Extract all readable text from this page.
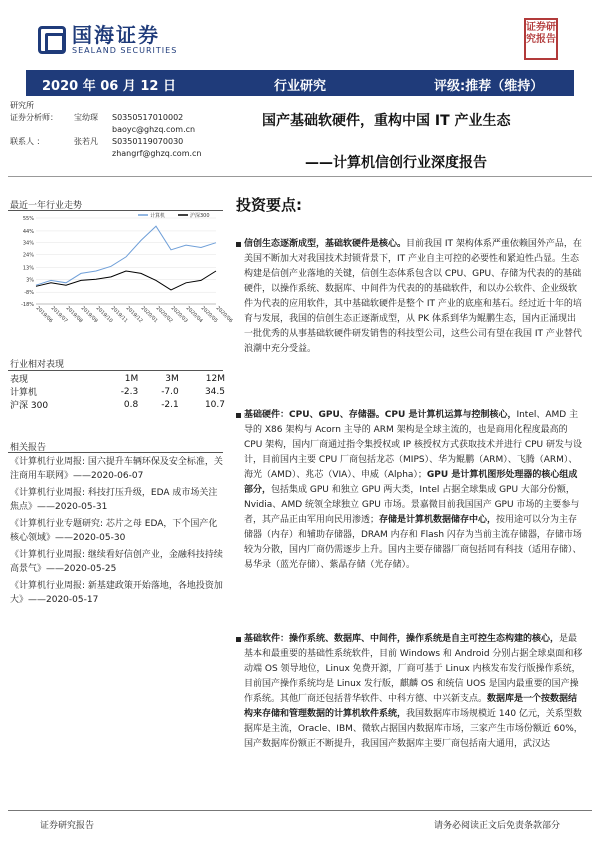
国海证券
SEALAND SECURITIES
证券研究报告
2020 年 06 月 12 日	行业研究	评级:推荐（维持）
研究所
证券分析师：	宝幼琛	S0350517010002
baoyc@ghzq.com.cn
联系人 ：	张若凡	S0350119070030
zhangrf@ghzq.com.cn
国产基础软硬件，重构中国 IT 产业生态
——计算机信创行业深度报告
最近一年行业走势
-18%
-8%
3%
13%
24%
34%
44%
55%
2019/06
2019/07
2019/08
2019/09
2019/10
2019/11
2019/12
2020/01
2020/02
2020/03
2020/04
2020/05
2020/06
计算机	沪深300
行业相对表现
表现	1M	3M	12M
计算机	-2.3	-7.0	34.5
沪深 300	0.8	-2.1	10.7
相关报告
《计算机行业周报: 国六提升车辆环保及安全标准，关注商用车联网》——2020-06-07
《计算机行业周报: 科技打压升级，EDA 成市场关注焦点》——2020-05-31
《计算机行业专题研究: 芯片之母 EDA，下个国产化核心领域》——2020-05-30
《计算机行业周报: 继续看好信创产业，金融科技持续高景气》——2020-05-25
《计算机行业周报: 新基建政策开始落地，各地投资加大》——2020-05-17
投资要点:
信创生态逐渐成型，基础软硬件是核心。目前我国 IT 架构体系严重依赖国外产品，在美国不断加大对我国技术封锁背景下，IT 产业自主可控的必要性和紧迫性凸显。生态构建是信创产业落地的关键，信创生态体系包含以 CPU、GPU、存储为代表的的基础硬件，以操作系统、数据库、中间件为代表的的基础软件，和以办公软件、企业级软件为代表的应用软件，其中基础软硬件是整个 IT 产业的底座和基石。经过近十年的培育与发展，我国的信创生态正逐渐成型，从 PK 体系到华为鲲鹏生态，国内正涌现出一批优秀的从事基础软硬件研发销售的科技型公司，这些公司有望在我国 IT 产业替代浪潮中充分受益。
基础硬件：CPU、GPU、存储器。CPU 是计算机运算与控制核心，Intel、AMD 主导的 X86 架构与 Acorn 主导的 ARM 架构是全球主流的，也是商用化程度最高的 CPU 架构，国内厂商通过指令集授权或 IP 核授权方式获取技术并进行 CPU 研发与设计，目前国内主要 CPU 厂商包括龙芯（MIPS）、华为鲲鹏（ARM）、飞腾（ARM）、海光（AMD）、兆芯（VIA）、申威（Alpha）；GPU 是计算机图形处理器的核心组成部分，包括集成 GPU 和独立 GPU 两大类，Intel 占据全球集成 GPU 大部分份额，Nvidia、AMD 统领全球独立 GPU 市场。景嘉微目前我国国产 GPU 市场的主要参与者，其产品正由军用向民用渗透；存储是计算机数据储存中心，按用途可以分为主存储器（内存）和辅助存储器，DRAM 内存和 Flash 闪存为当前主流存储器，存储市场较为分散，国内厂商仍需逐步上升。国内主要存储器厂商包括同有科技（适用存储）、易华录（蓝光存储）、紫晶存储（光存储）。
基础软件：操作系统、数据库、中间件，操作系统是自主可控生态构建的核心，是最基本和最重要的基础性系统软件，目前 Windows 和 Android 分别占据全球桌面和移动端 OS 领导地位，Linux 免费开源，厂商可基于 Linux 内核发布发行版操作系统，目前国产操作系统均是 Linux 发行版，麒麟 OS 和统信 UOS 是国内最重要的国产操作系统。其他厂商还包括普华软件、中科方德、中兴新支点。数据库是一个按数据结构来存储和管理数据的计算机软件系统，我国数据库市场规模近 140 亿元，关系型数据库是主流，Oracle、IBM、微软占据国内数据库市场，三家产生市场份额近 60%，国产数据库份额正不断提升，我国国产数据库主要厂商包括南大通用，武汉达
证券研究报告	请务必阅读正文后免责条款部分
